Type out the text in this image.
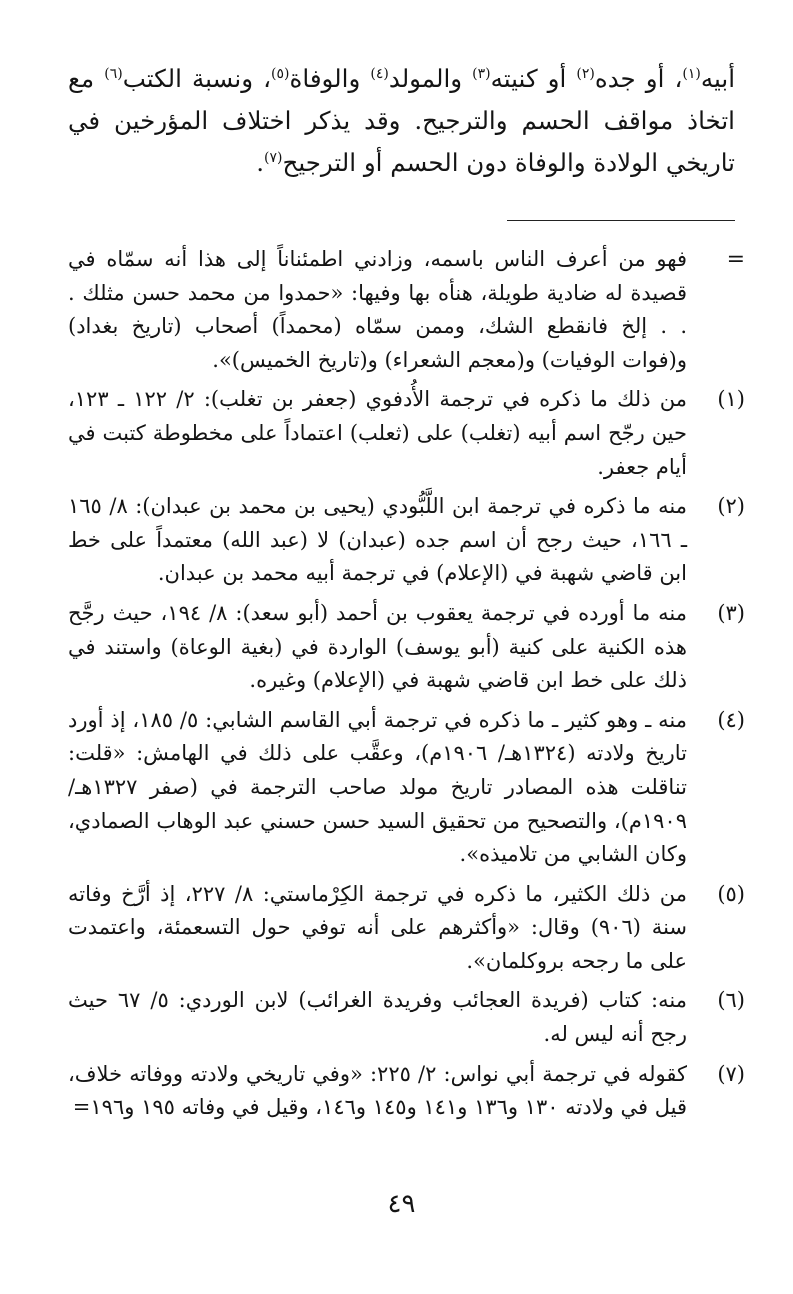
أبيه$^{(١)}$، أو جده$^{(٢)}$ أو كنيته$^{(٣)}$ والمولد$^{(٤)}$ والوفاة$^{(٥)}$، ونسبة الكتب$^{(٦)}$ مع اتخاذ مواقف الحسم والترجيح. وقد يذكر اختلاف المؤرخين في تاريخي الولادة والوفاة دون الحسم أو الترجيح$^{(٧)}$.

=
فهو من أعرف الناس باسمه، وزادني اطمئناناً إلى هذا أنه سمّاه في قصيدة له ضادية طويلة، هنأه بها وفيها: «حمدوا من محمد حسن مثلك . . . إلخ فانقطع الشك، وممن سمّاه (محمداً) أصحاب (تاريخ بغداد) و(فوات الوفيات) و(معجم الشعراء) و(تاريخ الخميس)».
(١)
من ذلك ما ذكره في ترجمة الأُدفوي (جعفر بن تغلب): ٢/ ١٢٢ ـ ١٢٣، حين رجّح اسم أبيه (تغلب) على (ثعلب) اعتماداً على مخطوطة كتبت في أيام جعفر.
(٢)
منه ما ذكره في ترجمة ابن اللَّبُّودي (يحيى بن محمد بن عبدان): ٨/ ١٦٥ ـ ١٦٦، حيث رجح أن اسم جده (عبدان) لا (عبد الله) معتمداً على خط ابن قاضي شهبة في (الإعلام) في ترجمة أبيه محمد بن عبدان.
(٣)
منه ما أورده في ترجمة يعقوب بن أحمد (أبو سعد): ٨/ ١٩٤، حيث رجَّح هذه الكنية على كنية (أبو يوسف) الواردة في (بغية الوعاة) واستند في ذلك على خط ابن قاضي شهبة في (الإعلام) وغيره.
(٤)
منه ـ وهو كثير ـ ما ذكره في ترجمة أبي القاسم الشابي: ٥/ ١٨٥، إذ أورد تاريخ ولادته (١٣٢٤هـ/ ١٩٠٦م)، وعقَّب على ذلك في الهامش: «قلت: تناقلت هذه المصادر تاريخ مولد صاحب الترجمة في (صفر ١٣٢٧هـ/ ١٩٠٩م)، والتصحيح من تحقيق السيد حسن حسني عبد الوهاب الصمادي، وكان الشابي من تلاميذه».
(٥)
من ذلك الكثير، ما ذكره في ترجمة الكِرْماستي: ٨/ ٢٢٧، إذ أرَّخ وفاته سنة (٩٠٦) وقال: «وأكثرهم على أنه توفي حول التسعمئة، واعتمدت على ما رجحه بروكلمان».
(٦)
منه: كتاب (فريدة العجائب وفريدة الغرائب) لابن الوردي: ٥/ ٦٧ حيث رجح أنه ليس له.
(٧)
كقوله في ترجمة أبي نواس: ٢/ ٢٢٥: «وفي تاريخي ولادته ووفاته خلاف، قيل في ولادته ١٣٠ و١٣٦ و١٤١ و١٤٥ و١٤٦، وقيل في وفاته ١٩٥ و١٩٦=
٤٩
